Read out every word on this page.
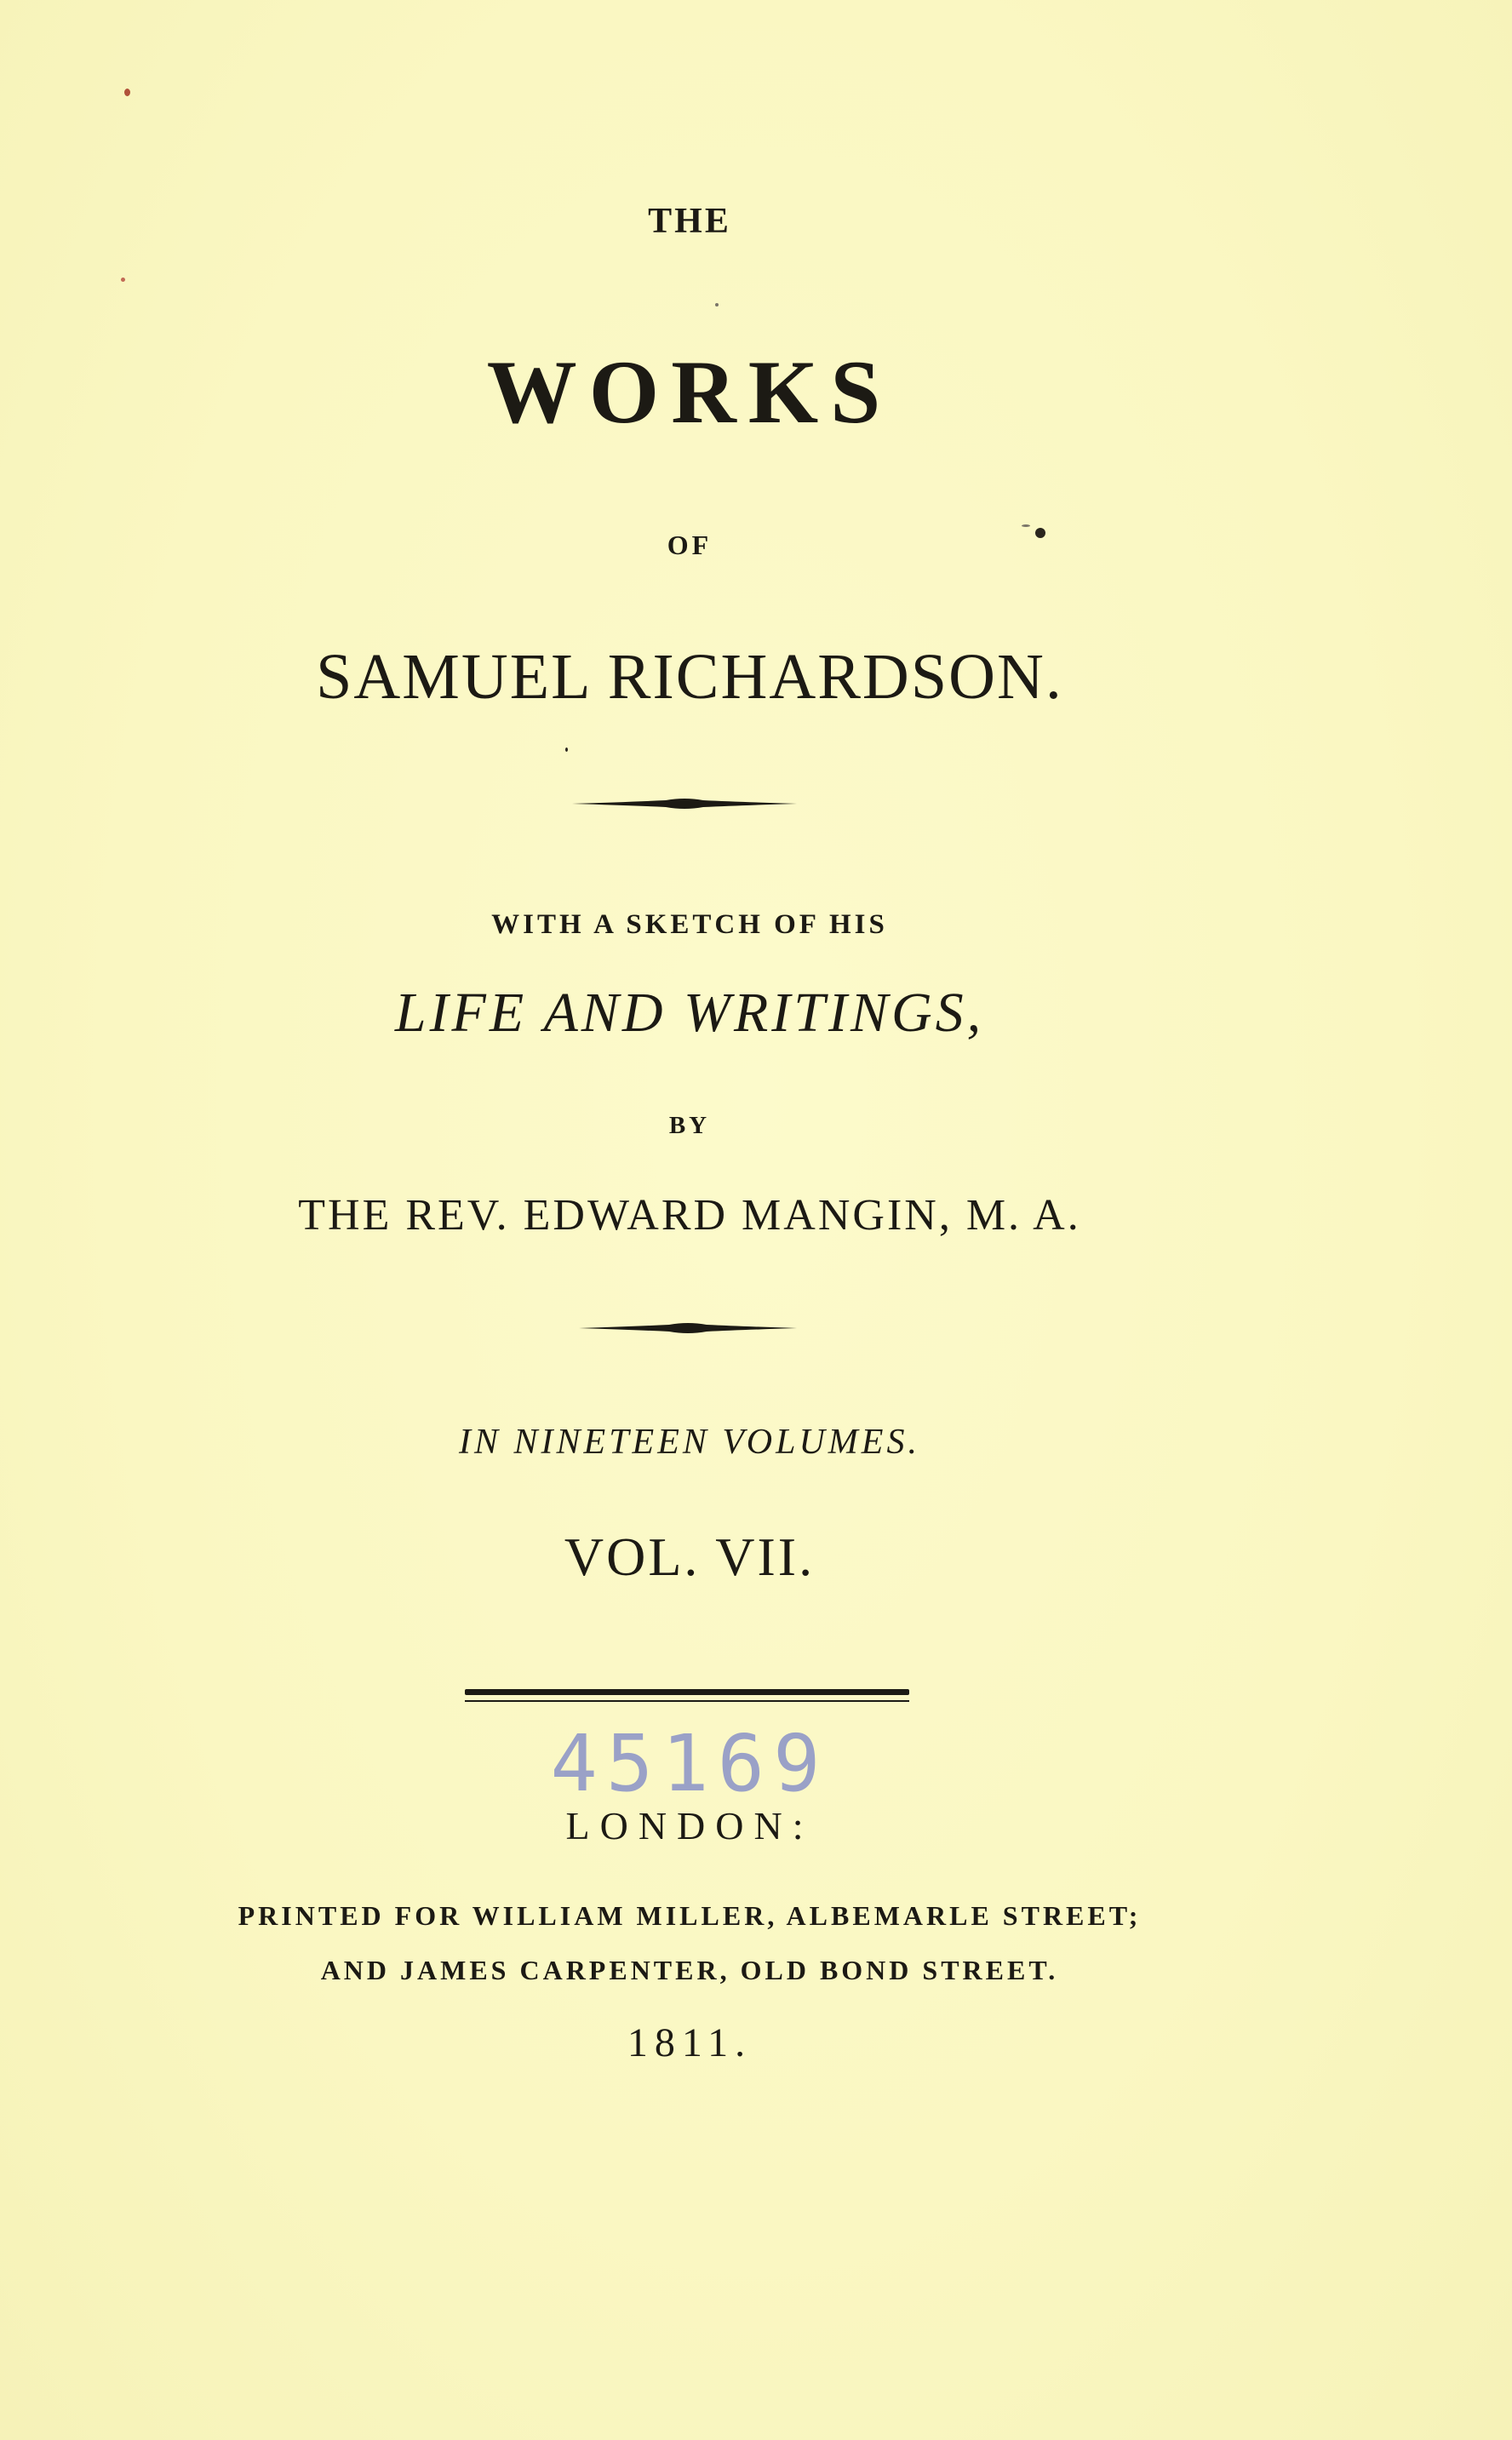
THE
WORKS
OF
SAMUEL RICHARDSON.
WITH A SKETCH OF HIS
LIFE AND WRITINGS,
BY
THE REV. EDWARD MANGIN, M. A.
IN NINETEEN VOLUMES.
VOL. VII.
45169
LONDON:
PRINTED FOR WILLIAM MILLER, ALBEMARLE STREET;
AND JAMES CARPENTER, OLD BOND STREET.
1811.
